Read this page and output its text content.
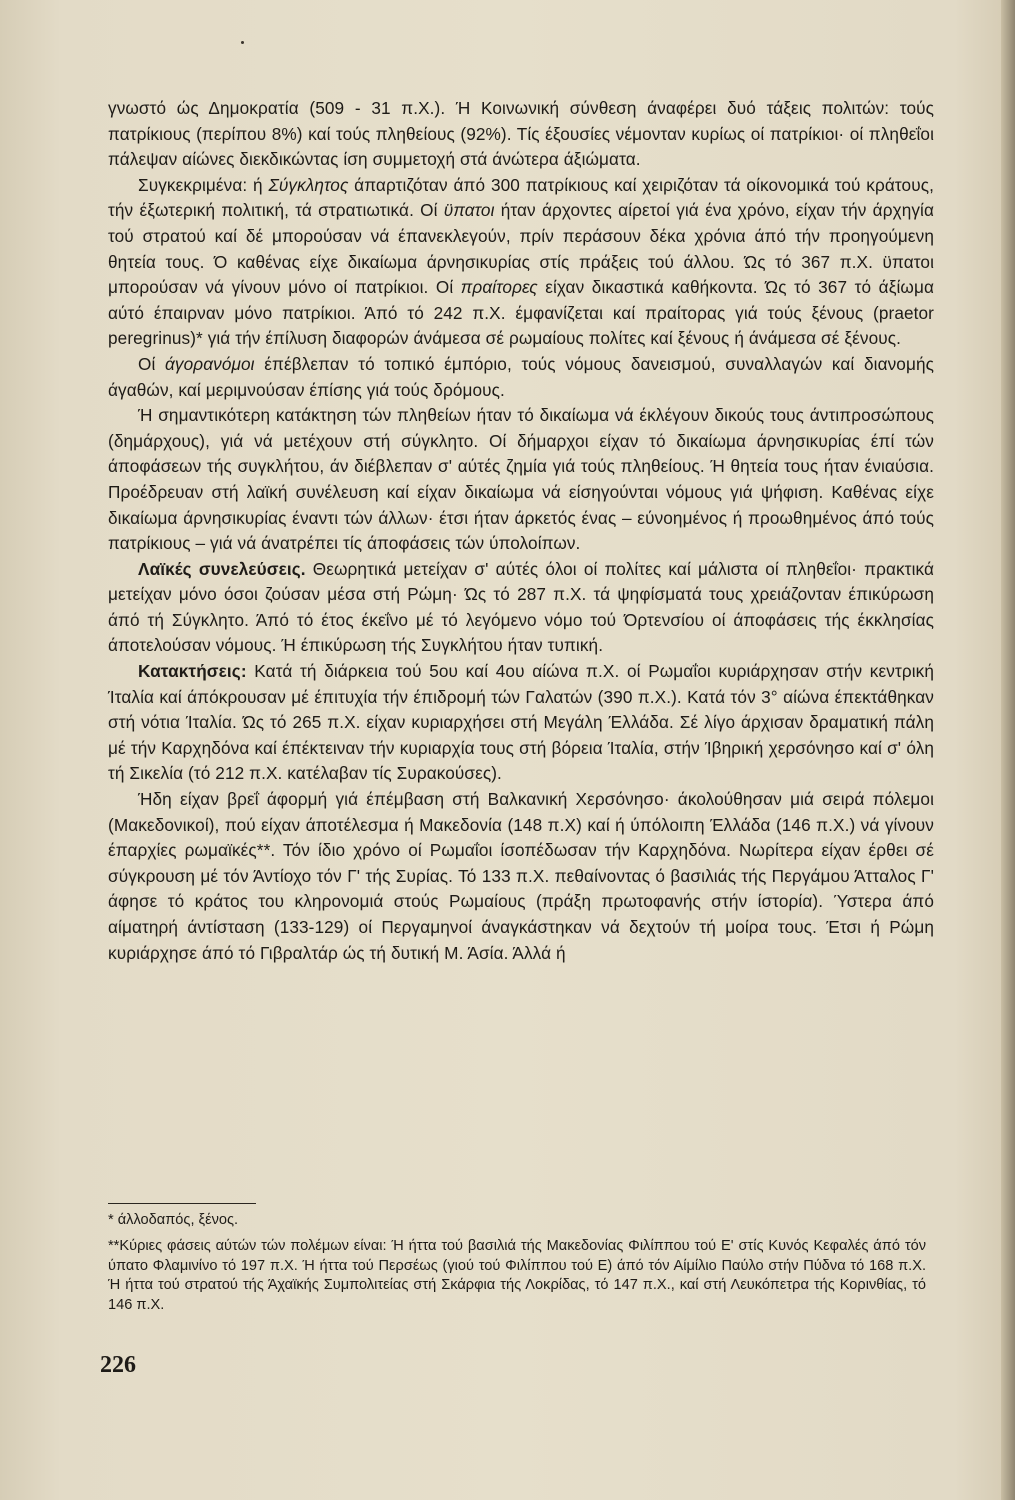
γνωστό ώς Δημοκρατία (509 - 31 π.Χ.). Ή Κοινωνική σύνθεση άναφέρει δυό τάξεις πολιτών: τούς πατρίκιους (περίπου 8%) καί τούς πληθείους (92%). Τίς έξουσίες νέμονταν κυρίως οί πατρίκιοι· οί πληθεΐοι πάλεψαν αίώνες διεκδικώντας ίση συμμετοχή στά άνώτερα άξιώματα.

Συγκεκριμένα: ή Σύγκλητος άπαρτιζόταν άπό 300 πατρίκιους καί χειριζόταν τά οίκονομικά τού κράτους, τήν έξωτερική πολιτική, τά στρατιωτικά. Οί ϋπατοι ήταν άρχοντες αίρετοί γιά ένα χρόνο, είχαν τήν άρχηγία τού στρατού καί δέ μπορούσαν νά έπανεκλεγούν, πρίν περάσουν δέκα χρόνια άπό τήν προηγούμενη θητεία τους. Ό καθένας είχε δικαίωμα άρνησικυρίας στίς πράξεις τού άλλου. Ώς τό 367 π.Χ. ϋπατοι μπορούσαν νά γίνουν μόνο οί πατρίκιοι. Οί πραίτορες είχαν δικαστικά καθήκοντα. Ώς τό 367 τό άξίωμα αύτό έπαιρναν μόνο πατρίκιοι. Άπό τό 242 π.Χ. έμφανίζεται καί πραίτορας γιά τούς ξένους (praetor peregrinus)* γιά τήν έπίλυση διαφορών άνάμεσα σέ ρωμαίους πολίτες καί ξένους ή άνάμεσα σέ ξένους.

Οί άγορανόμοι έπέβλεπαν τό τοπικό έμπόριο, τούς νόμους δανεισμού, συναλλαγών καί διανομής άγαθών, καί μεριμνούσαν έπίσης γιά τούς δρόμους.

Ή σημαντικότερη κατάκτηση τών πληθείων ήταν τό δικαίωμα νά έκλέγουν δικούς τους άντιπροσώπους (δημάρχους), γιά νά μετέχουν στή σύγκλητο. Οί δήμαρχοι είχαν τό δικαίωμα άρνησικυρίας έπί τών άποφάσεων τής συγκλήτου, άν διέβλεπαν σ' αύτές ζημία γιά τούς πληθείους. Ή θητεία τους ήταν ένιαύσια. Προέδρευαν στή λαϊκή συνέλευση καί είχαν δικαίωμα νά είσηγούνται νόμους γιά ψήφιση. Καθένας είχε δικαίωμα άρνησικυρίας έναντι τών άλλων· έτσι ήταν άρκετός ένας – εύνοημένος ή προωθημένος άπό τούς πατρίκιους – γιά νά άνατρέπει τίς άποφάσεις τών ύπολοίπων.

Λαϊκές συνελεύσεις. Θεωρητικά μετείχαν σ' αύτές όλοι οί πολίτες καί μάλιστα οί πληθεΐοι· πρακτικά μετείχαν μόνο όσοι ζούσαν μέσα στή Ρώμη· Ώς τό 287 π.Χ. τά ψηφίσματά τους χρειάζονταν έπικύρωση άπό τή Σύγκλητο. Άπό τό έτος έκεΐνο μέ τό λεγόμενο νόμο τού Όρτενσίου οί άποφάσεις τής έκκλησίας άποτελούσαν νόμους. Ή έπικύρωση τής Συγκλήτου ήταν τυπική.

Κατακτήσεις: Κατά τή διάρκεια τού 5ου καί 4ου αίώνα π.Χ. οί Ρωμαΐοι κυριάρχησαν στήν κεντρική Ίταλία καί άπόκρουσαν μέ έπιτυχία τήν έπιδρομή τών Γαλατών (390 π.Χ.). Κατά τόν 3° αίώνα έπεκτάθηκαν στή νότια Ίταλία. Ώς τό 265 π.Χ. είχαν κυριαρχήσει στή Μεγάλη Έλλάδα. Σέ λίγο άρχισαν δραματική πάλη μέ τήν Καρχηδόνα καί έπέκτειναν τήν κυριαρχία τους στή βόρεια Ίταλία, στήν Ίβηρική χερσόνησο καί σ' όλη τή Σικελία (τό 212 π.Χ. κατέλαβαν τίς Συρακούσες).

Ήδη είχαν βρεΐ άφορμή γιά έπέμβαση στή Βαλκανική Χερσόνησο· άκολούθησαν μιά σειρά πόλεμοι (Μακεδονικοί), πού είχαν άποτέλεσμα ή Μακεδονία (148 π.Χ) καί ή ύπόλοιπη Έλλάδα (146 π.Χ.) νά γίνουν έπαρχίες ρωμαϊκές**. Τόν ίδιο χρόνο οί Ρωμαΐοι ίσοπέδωσαν τήν Καρχηδόνα. Νωρίτερα είχαν έρθει σέ σύγκρουση μέ τόν Άντίοχο τόν Γ' τής Συρίας. Τό 133 π.Χ. πεθαίνοντας ό βασιλιάς τής Περγάμου Άτταλος Γ' άφησε τό κράτος του κληρονομιά στούς Ρωμαίους (πράξη πρωτοφανής στήν ίστορία). Ύστερα άπό αίματηρή άντίσταση (133-129) οί Περγαμηνοί άναγκάστηκαν νά δεχτούν τή μοίρα τους. Έτσι ή Ρώμη κυριάρχησε άπό τό Γιβραλτάρ ώς τή δυτική Μ. Άσία. Άλλά ή

* άλλοδαπός, ξένος.

**Κύριες φάσεις αύτών τών πολέμων είναι: Ή ήττα τού βασιλιά τής Μακεδονίας Φιλίππου τού Ε' στίς Κυνός Κεφαλές άπό τόν ύπατο Φλαμινίνο τό 197 π.Χ. Ή ήττα τού Περσέως (γιού τού Φιλίππου τού Ε) άπό τόν Αίμίλιο Παύλο στήν Πύδνα τό 168 π.Χ. Ή ήττα τού στρατού τής Άχαϊκής Συμπολιτείας στή Σκάρφια τής Λοκρίδας, τό 147 π.Χ., καί στή Λευκόπετρα τής Κορινθίας, τό 146 π.Χ.

226
